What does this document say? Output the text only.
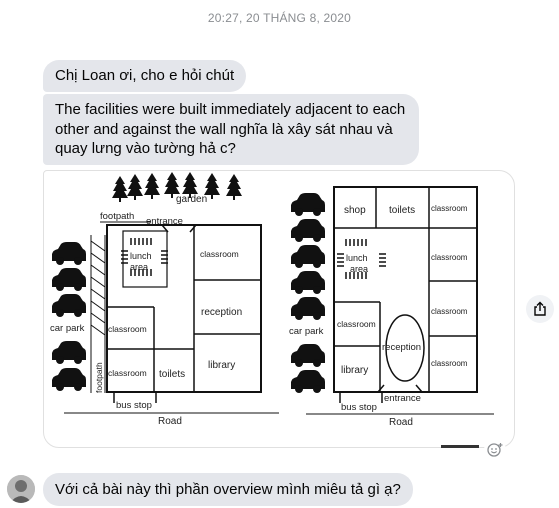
20:27, 20 THÁNG 8, 2020
Chị Loan ơi, cho e hỏi chút
The facilities were built immediately adjacent to each other and against the wall nghĩa là xây sát nhau và quay lưng vào tường hả c?
garden
footpath entrance
lunch
area
classroom
reception
library
classroom
classroom toilets
footpath
car park
bus stop
Road
shop toilets classroom
lunch
area
classroom
classroom
classroom
classroom
library
reception
entrance
car park
bus stop
Road
Với cả bài này thì phần overview mình miêu tả gì ạ?
